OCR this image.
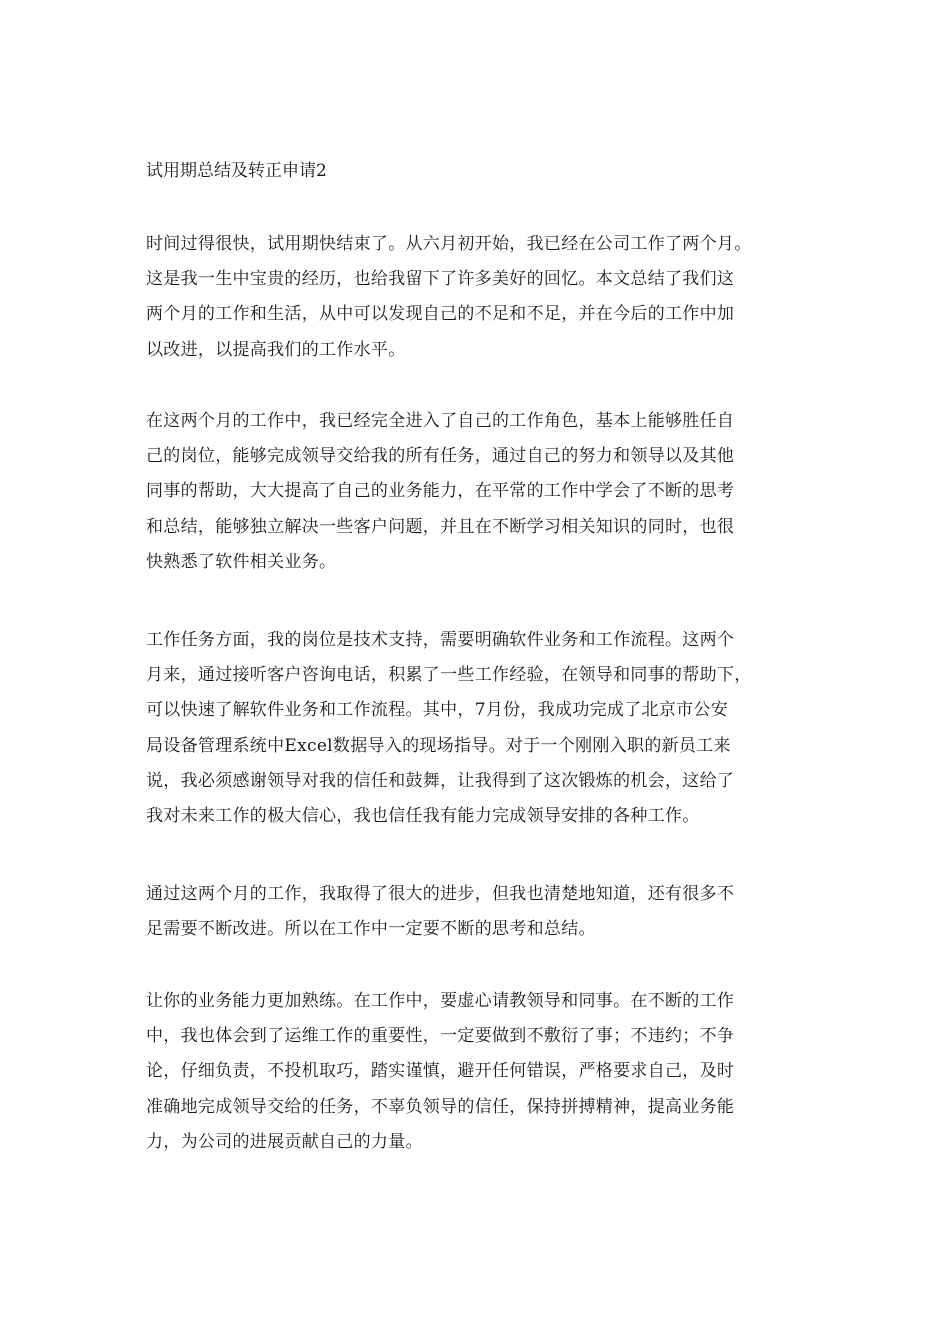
试用期总结及转正申请2
时间过得很快，试用期快结束了。从六月初开始，我已经在公司工作了两个月。
这是我一生中宝贵的经历，也给我留下了许多美好的回忆。本文总结了我们这
两个月的工作和生活，从中可以发现自己的不足和不足，并在今后的工作中加
以改进，以提高我们的工作水平。
在这两个月的工作中，我已经完全进入了自己的工作角色，基本上能够胜任自
己的岗位，能够完成领导交给我的所有任务，通过自己的努力和领导以及其他
同事的帮助，大大提高了自己的业务能力，在平常的工作中学会了不断的思考
和总结，能够独立解决一些客户问题，并且在不断学习相关知识的同时，也很
快熟悉了软件相关业务。
工作任务方面，我的岗位是技术支持，需要明确软件业务和工作流程。这两个
月来，通过接听客户咨询电话，积累了一些工作经验，在领导和同事的帮助下，
可以快速了解软件业务和工作流程。其中，7月份，我成功完成了北京市公安
局设备管理系统中Excel数据导入的现场指导。对于一个刚刚入职的新员工来
说，我必须感谢领导对我的信任和鼓舞，让我得到了这次锻炼的机会，这给了
我对未来工作的极大信心，我也信任我有能力完成领导安排的各种工作。
通过这两个月的工作，我取得了很大的进步，但我也清楚地知道，还有很多不
足需要不断改进。所以在工作中一定要不断的思考和总结。
让你的业务能力更加熟练。在工作中，要虚心请教领导和同事。在不断的工作
中，我也体会到了运维工作的重要性，一定要做到不敷衍了事；不违约；不争
论，仔细负责，不投机取巧，踏实谨慎，避开任何错误，严格要求自己，及时
准确地完成领导交给的任务，不辜负领导的信任，保持拼搏精神，提高业务能
力，为公司的进展贡献自己的力量。
